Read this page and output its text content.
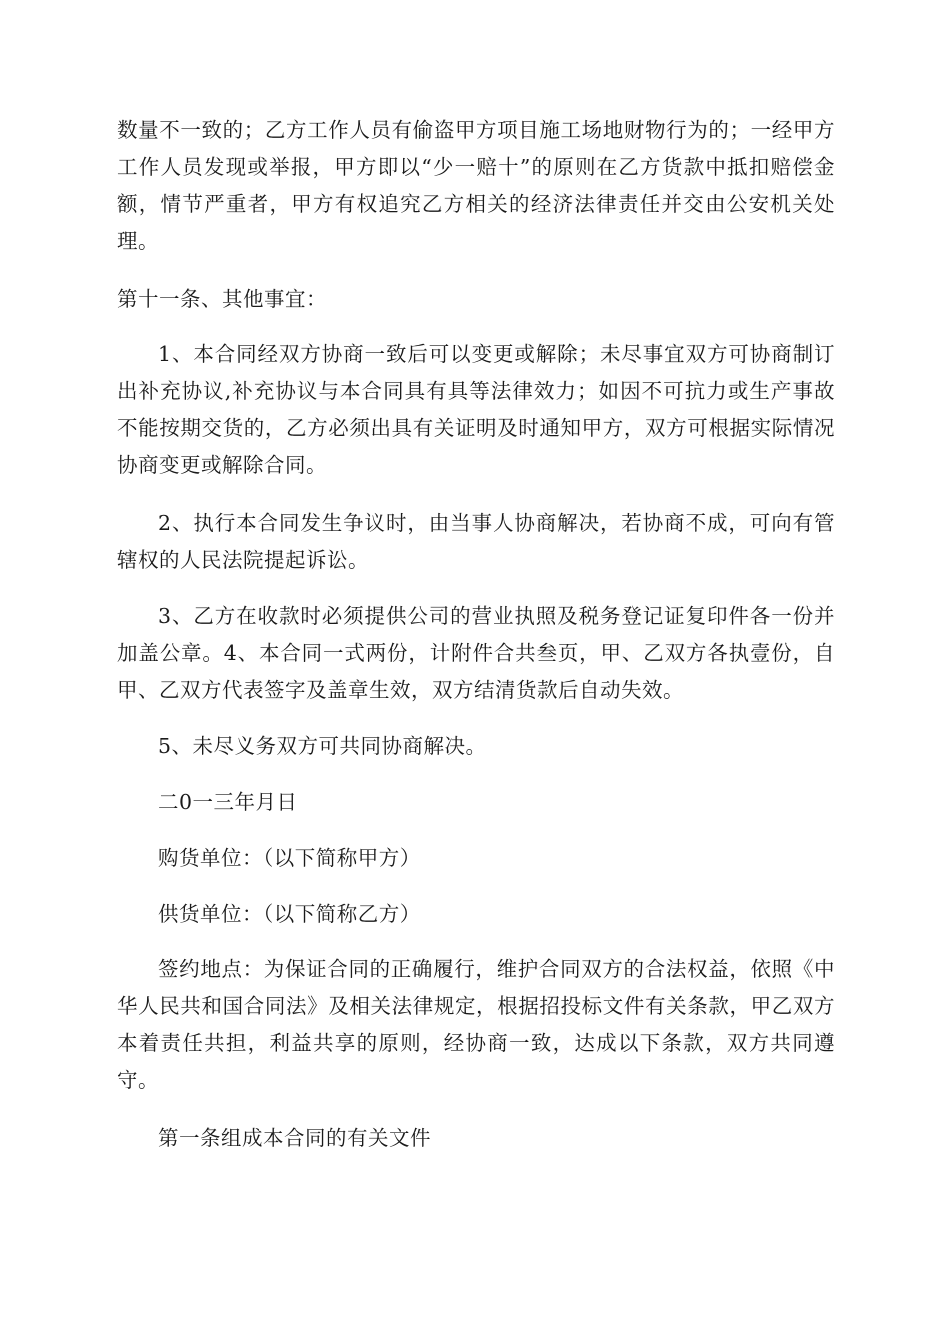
数量不一致的；乙方工作人员有偷盗甲方项目施工场地财物行为的；一经甲方工作人员发现或举报，甲方即以“少一赔十”的原则在乙方货款中抵扣赔偿金额，情节严重者，甲方有权追究乙方相关的经济法律责任并交由公安机关处理。

第十一条、其他事宜：

1、本合同经双方协商一致后可以变更或解除；未尽事宜双方可协商制订出补充协议,补充协议与本合同具有具等法律效力；如因不可抗力或生产事故不能按期交货的，乙方必须出具有关证明及时通知甲方，双方可根据实际情况协商变更或解除合同。

2、执行本合同发生争议时，由当事人协商解决，若协商不成，可向有管辖权的人民法院提起诉讼。

3、乙方在收款时必须提供公司的营业执照及税务登记证复印件各一份并加盖公章。4、本合同一式两份，计附件合共叁页，甲、乙双方各执壹份，自甲、乙双方代表签字及盖章生效，双方结清货款后自动失效。

5、未尽义务双方可共同协商解决。

二0一三年月日

购货单位：（以下简称甲方）

供货单位：（以下简称乙方）

签约地点：为保证合同的正确履行，维护合同双方的合法权益，依照《中华人民共和国合同法》及相关法律规定，根据招投标文件有关条款，甲乙双方本着责任共担，利益共享的原则，经协商一致，达成以下条款，双方共同遵守。

第一条组成本合同的有关文件
